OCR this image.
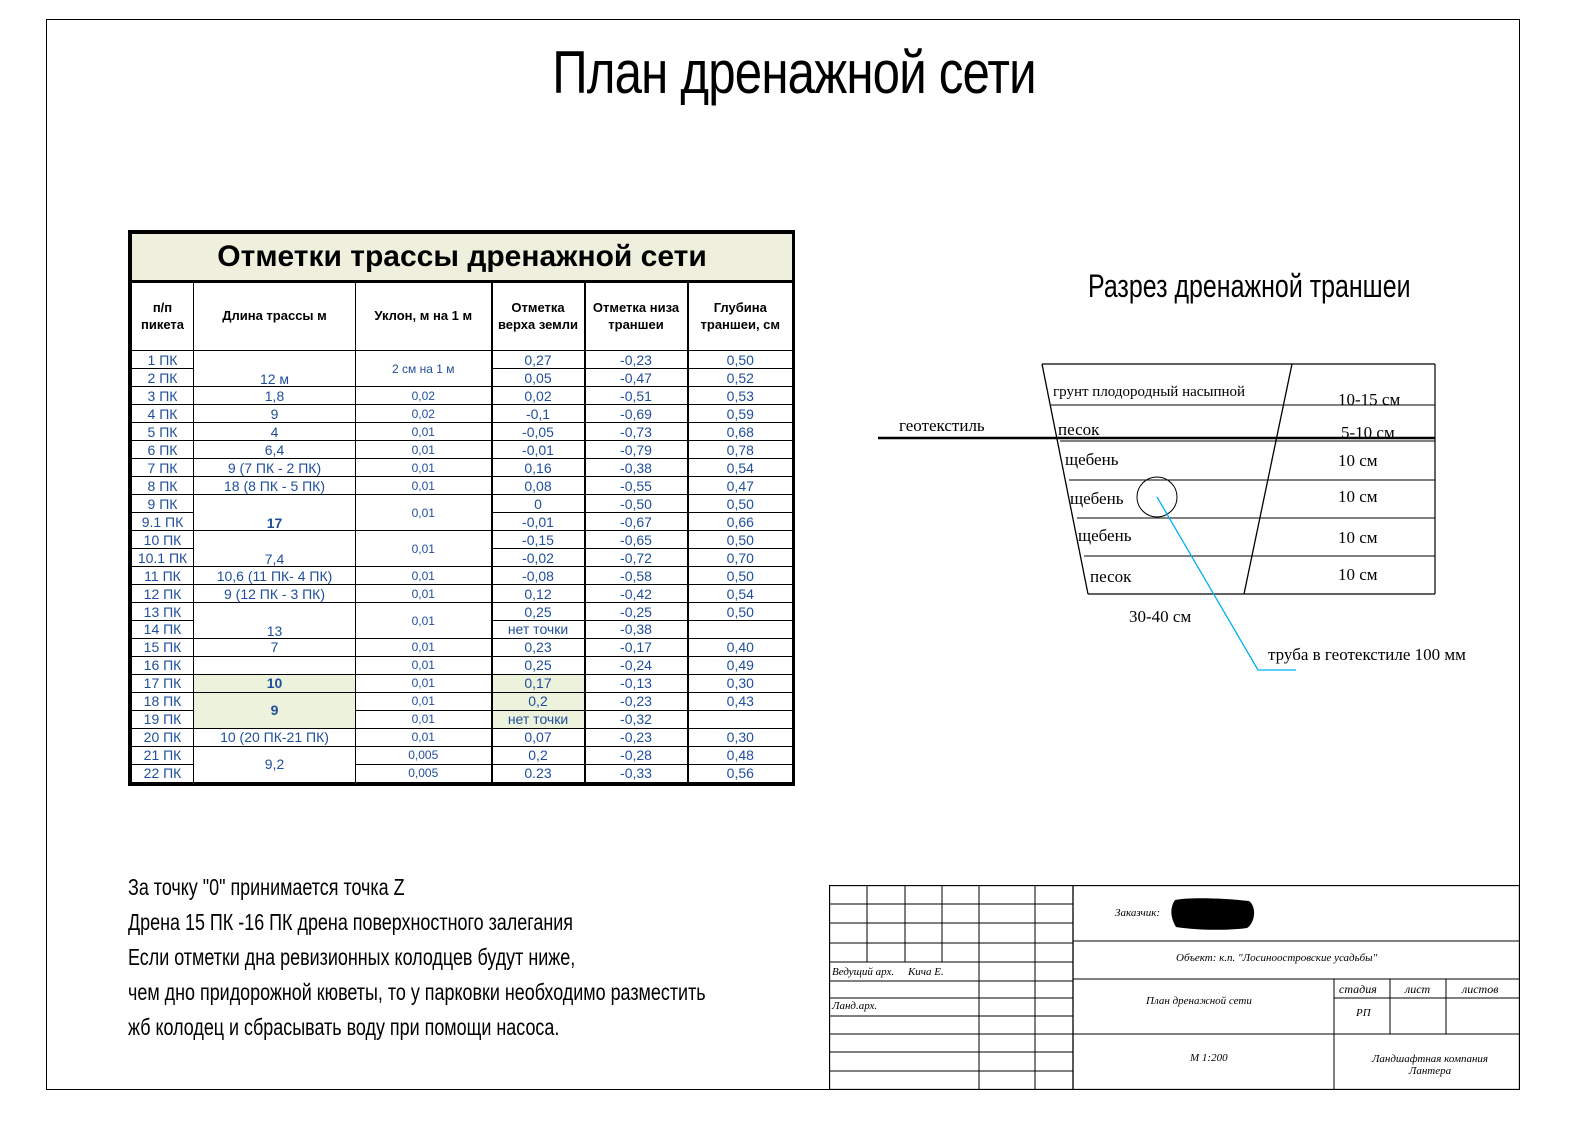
План дренажной сети
Отметки трассы дренажной сети					
п/п пикета	Длина трассы м	Уклон, м на 1 м	Отметка верха земли	Отметка низа траншеи	Глубина траншеи, см
1 ПК	12 м	2 см на 1 м	0,27	-0,23	0,50
2 ПК			0,05	-0,47	0,52
3 ПК	1,8	0,02	0,02	-0,51	0,53
4 ПК	9	0,02	-0,1	-0,69	0,59
5 ПК	4	0,01	-0,05	-0,73	0,68
6 ПК	6,4	0,01	-0,01	-0,79	0,78
7 ПК	9 (7 ПК - 2 ПК)	0,01	0,16	-0,38	0,54
8 ПК	18 (8 ПК - 5 ПК)	0,01	0,08	-0,55	0,47
9 ПК	17	0,01	0	-0,50	0,50
9.1 ПК			-0,01	-0,67	0,66
10 ПК	7,4	0,01	-0,15	-0,65	0,50
10.1 ПК			-0,02	-0,72	0,70
11 ПК	10,6 (11 ПК- 4 ПК)	0,01	-0,08	-0,58	0,50
12 ПК	9 (12 ПК - 3 ПК)	0,01	0,12	-0,42	0,54
13 ПК	13	0,01	0,25	-0,25	0,50
14 ПК			нет точки	-0,38	
15 ПК	7	0,01	0,23	-0,17	0,40
16 ПК		0,01	0,25	-0,24	0,49
17 ПК	10	0,01	0,17	-0,13	0,30
18 ПК	9	0,01	0,2	-0,23	0,43
19 ПК		0,01	нет точки	-0,32	
20 ПК	10 (20 ПК-21 ПК)	0,01	0,07	-0,23	0,30
21 ПК	9,2	0,005	0,2	-0,28	0,48
22 ПК		0,005	0.23	-0,33	0,56
За точку "0" принимается точка Z
Дрена 15 ПК -16 ПК дрена поверхностного залегания
Если отметки дна ревизионных колодцев будут ниже,
чем дно придорожной кюветы, то у парковки необходимо разместить
жб колодец и сбрасывать воду при помощи насоса.
Разрез дренажной траншеи
геотекстиль
грунт плодородный насыпной	10-15 см
песок	5-10 см
щебень	10 см
щебень	10 см
щебень	10 см
песок	10 см
30-40 см
труба в геотекстиле 100 мм
Заказчик:
Объект: к.п. "Лосиноостровские усадьбы"
Ведущий арх. Кича Е.
Ланд.арх.	План дренажной сети
стадия лист	листов
РП
М 1:200	Ландшафтная компания
Лантера
